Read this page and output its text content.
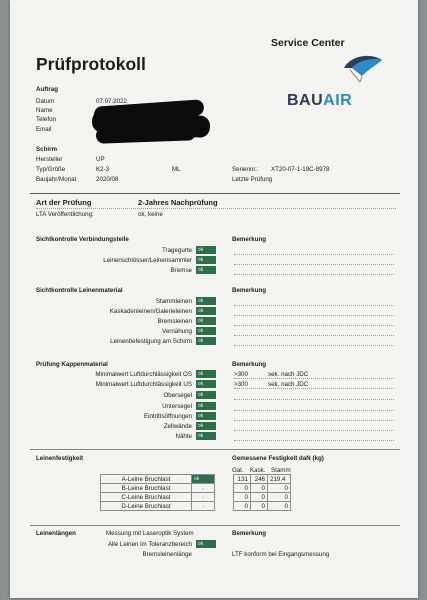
Service Center
Prüfprotokoll
BAUAIR
Auftrag
Datum	07.07.2022
Name
Telefon
Email
Schirm
Hersteller	UP
Typ/Größe	K2-3	ML	Seriennr.: XT20-07-1-19C-8978
Baujahr/Monat	2020/08	Letzte Prüfung
Art der Prüfung	2-Jahres Nachprüfung
LTA Veröffentlichung:	ok, keine
Sichtkontrolle Verbindungsteile	Bemerkung
Tragegurte	ok
Leinenschlösser/Leinensammler	ok
Bremse	ok
Sichtkontrolle Leinenmaterial	Bemerkung
Stammleinen	ok
Kaskadenleinen/Galerieleinen	ok
Bremsleinen	ok
Vernähung	ok
Leinenbefestigung am Schirm	ok
Prüfung Kappenmaterial	Bemerkung
Minimalwert Luftdurchlässigkeit OS	ok	>300	sek. nach JDC
Minimalwert Luftdurchlässigkeit US	ok	>300	sek. nach JDC
Obersegel	ok
Untersegel	ok
Eintrittsöffnungen	ok
Zellwände	ok
Nähte	ok
Leinenfestigkeit	Gemessene Festigkeit daN (kg)
Gal. Kask. Stamm
A-Leine Bruchlast	ok		131	246	219,4
B-Leine Bruchlast	-		0	0	0
C-Leine Bruchlast	-		0	0	0
D-Leine Bruchlast	-		0	0	0
Leinenlängen	Messung mit Laseroptik System	Bemerkung
Alle Leinen im Toleranzbereich	ok
Bremsleinenlänge	LTF konform bei Eingangsmessung
